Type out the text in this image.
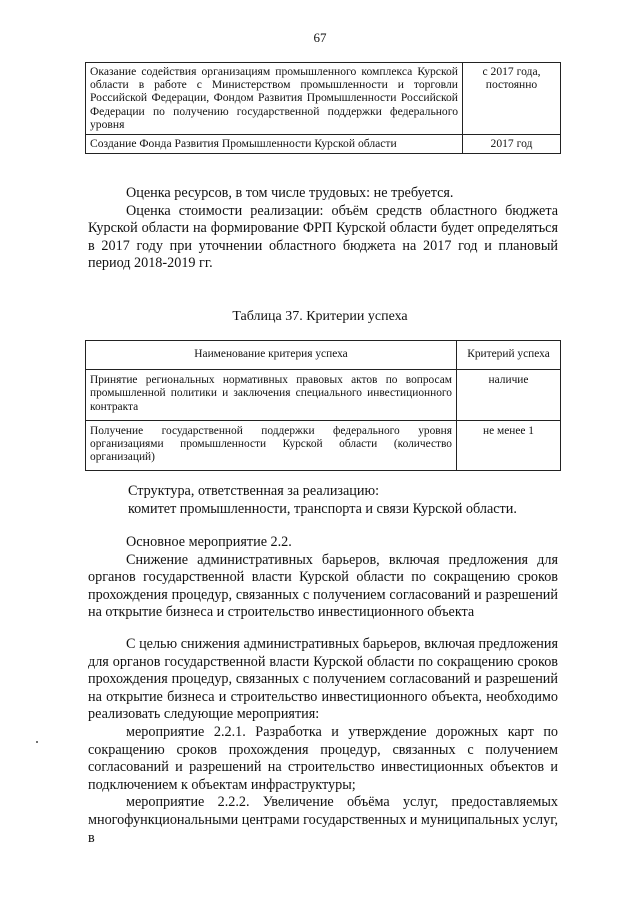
67
Оказание содействия организациям промышленного комплекса Курской области в работе с Министерством промышленности и торговли Российской Федерации, Фондом Развития Промышленности Российской Федерации по получению государственной поддержки федерального уровня	с 2017 года, постоянно
Создание Фонда Развития Промышленности Курской области	2017 год

Оценка ресурсов, в том числе трудовых: не требуется.

Оценка стоимости реализации: объём средств областного бюджета Курской области на формирование ФРП Курской области будет определяться в 2017 году при уточнении областного бюджета на 2017 год и плановый период 2018-2019 гг.

Таблица 37. Критерии успеха
Наименование критерия успеха	Критерий успеха
Принятие региональных нормативных правовых актов по вопросам промышленной политики и заключения специального инвестиционного контракта	наличие
Получение государственной поддержки федерального уровня организациями промышленности Курской области (количество организаций)	не менее 1

Структура, ответственная за реализацию:

комитет промышленности, транспорта и связи Курской области.

Основное мероприятие 2.2.

Снижение административных барьеров, включая предложения для органов государственной власти Курской области по сокращению сроков прохождения процедур, связанных с получением согласований и разрешений на открытие бизнеса и строительство инвестиционного объекта

С целью снижения административных барьеров, включая предложения для органов государственной власти Курской области по сокращению сроков прохождения процедур, связанных с получением согласований и разрешений на открытие бизнеса и строительство инвестиционного объекта, необходимо реализовать следующие мероприятия:

мероприятие 2.2.1. Разработка и утверждение дорожных карт по сокращению сроков прохождения процедур, связанных с получением согласований и разрешений на строительство инвестиционных объектов и подключением к объектам инфраструктуры;

мероприятие 2.2.2. Увеличение объёма услуг, предоставляемых многофункциональными центрами государственных и муниципальных услуг, в
